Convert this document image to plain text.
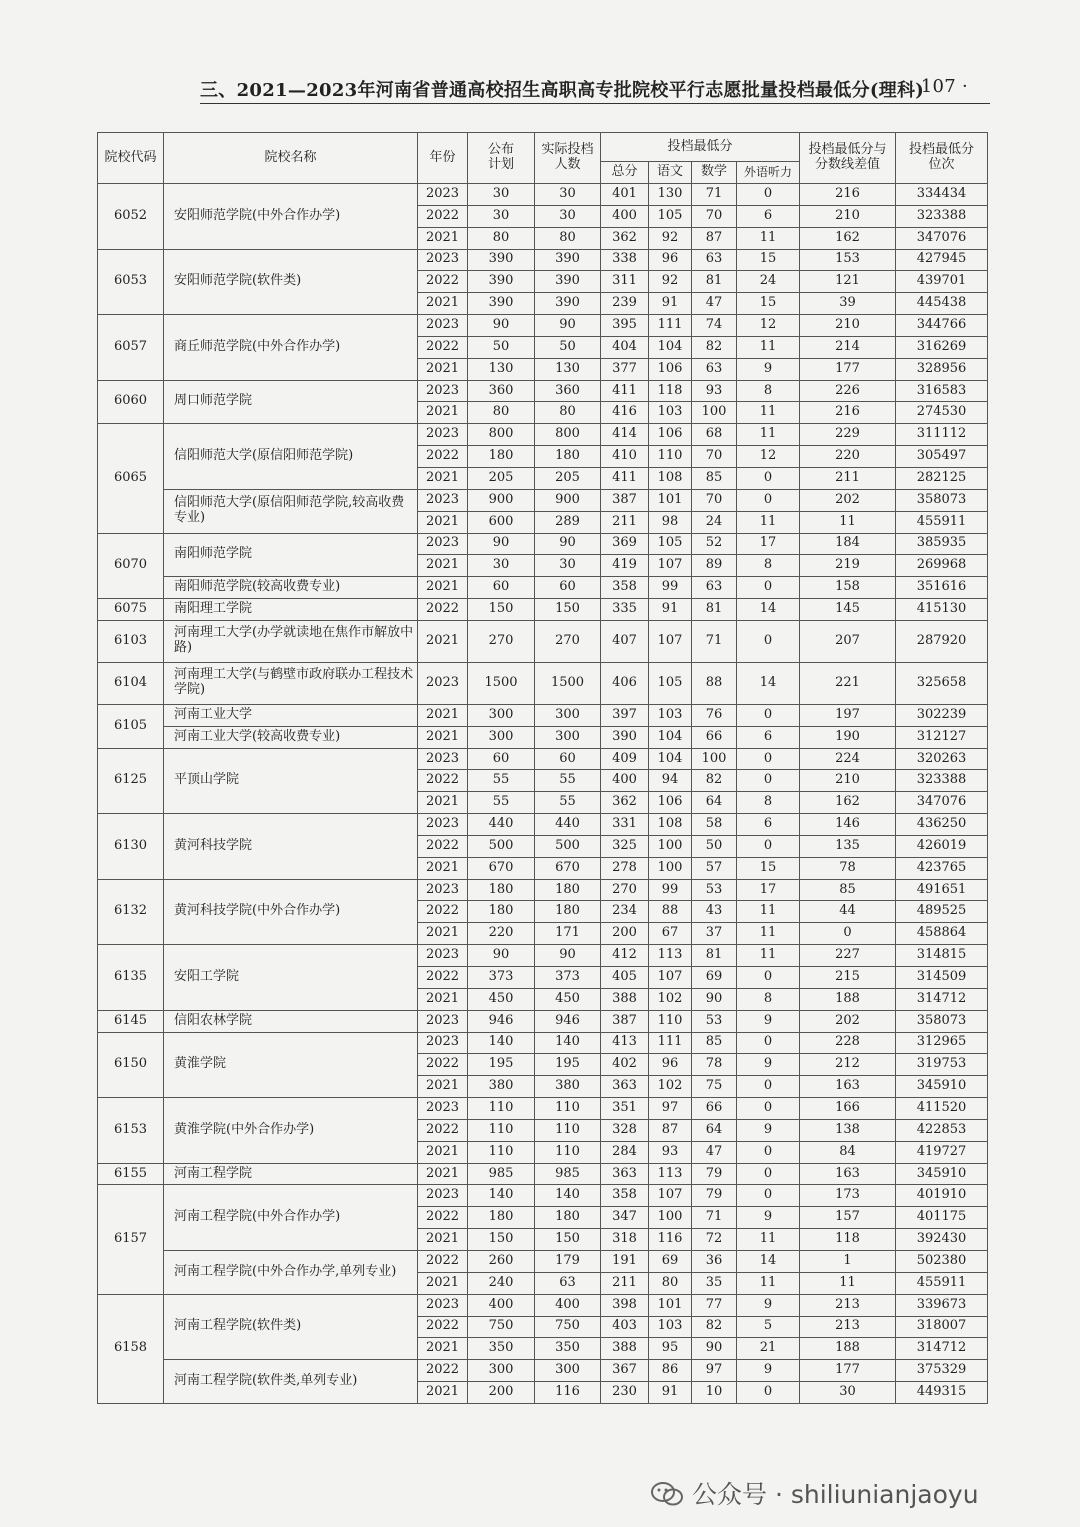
三、2021—2023年河南省普通高校招生高职高专批院校平行志愿批量投档最低分(理科)
· 107 ·
院校代码	院校名称	年份	公布计划	实际投档人数	投档最低分				投档最低分与分数线差值	投档最低分位次

					总分	语文	数学	外语听力		
6052	安阳师范学院(中外合作办学)	2023	30	30	401	130	71	0	216	334434
		2022	30	30	400	105	70	6	210	323388
		2021	80	80	362	92	87	11	162	347076
6053	安阳师范学院(软件类)	2023	390	390	338	96	63	15	153	427945
		2022	390	390	311	92	81	24	121	439701
		2021	390	390	239	91	47	15	39	445438
6057	商丘师范学院(中外合作办学)	2023	90	90	395	111	74	12	210	344766
		2022	50	50	404	104	82	11	214	316269
		2021	130	130	377	106	63	9	177	328956
6060	周口师范学院	2023	360	360	411	118	93	8	226	316583
		2021	80	80	416	103	100	11	216	274530
6065	信阳师范大学(原信阳师范学院)	2023	800	800	414	106	68	11	229	311112
		2022	180	180	410	110	70	12	220	305497
		2021	205	205	411	108	85	0	211	282125
	信阳师范大学(原信阳师范学院,较高收费专业)	2023	900	900	387	101	70	0	202	358073
		2021	600	289	211	98	24	11	11	455911
6070	南阳师范学院	2023	90	90	369	105	52	17	184	385935
		2021	30	30	419	107	89	8	219	269968
	南阳师范学院(较高收费专业)	2021	60	60	358	99	63	0	158	351616
6075	南阳理工学院	2022	150	150	335	91	81	14	145	415130
6103	河南理工大学(办学就读地在焦作市解放中路)	2021	270	270	407	107	71	0	207	287920
6104	河南理工大学(与鹤壁市政府联办工程技术学院)	2023	1500	1500	406	105	88	14	221	325658
6105	河南工业大学	2021	300	300	397	103	76	0	197	302239
	河南工业大学(较高收费专业)	2021	300	300	390	104	66	6	190	312127
6125	平顶山学院	2023	60	60	409	104	100	0	224	320263
		2022	55	55	400	94	82	0	210	323388
		2021	55	55	362	106	64	8	162	347076
6130	黄河科技学院	2023	440	440	331	108	58	6	146	436250
		2022	500	500	325	100	50	0	135	426019
		2021	670	670	278	100	57	15	78	423765
6132	黄河科技学院(中外合作办学)	2023	180	180	270	99	53	17	85	491651
		2022	180	180	234	88	43	11	44	489525
		2021	220	171	200	67	37	11	0	458864
6135	安阳工学院	2023	90	90	412	113	81	11	227	314815
		2022	373	373	405	107	69	0	215	314509
		2021	450	450	388	102	90	8	188	314712
6145	信阳农林学院	2023	946	946	387	110	53	9	202	358073
6150	黄淮学院	2023	140	140	413	111	85	0	228	312965
		2022	195	195	402	96	78	9	212	319753
		2021	380	380	363	102	75	0	163	345910
6153	黄淮学院(中外合作办学)	2023	110	110	351	97	66	0	166	411520
		2022	110	110	328	87	64	9	138	422853
		2021	110	110	284	93	47	0	84	419727
6155	河南工程学院	2021	985	985	363	113	79	0	163	345910
6157	河南工程学院(中外合作办学)	2023	140	140	358	107	79	0	173	401910
		2022	180	180	347	100	71	9	157	401175
		2021	150	150	318	116	72	11	118	392430
	河南工程学院(中外合作办学,单列专业)	2022	260	179	191	69	36	14	1	502380
		2021	240	63	211	80	35	11	11	455911
6158	河南工程学院(软件类)	2023	400	400	398	101	77	9	213	339673
		2022	750	750	403	103	82	5	213	318007
		2021	350	350	388	95	90	21	188	314712
	河南工程学院(软件类,单列专业)	2022	300	300	367	86	97	9	177	375329
		2021	200	116	230	91	10	0	30	449315
公众号 · shiliunianjaoyu
